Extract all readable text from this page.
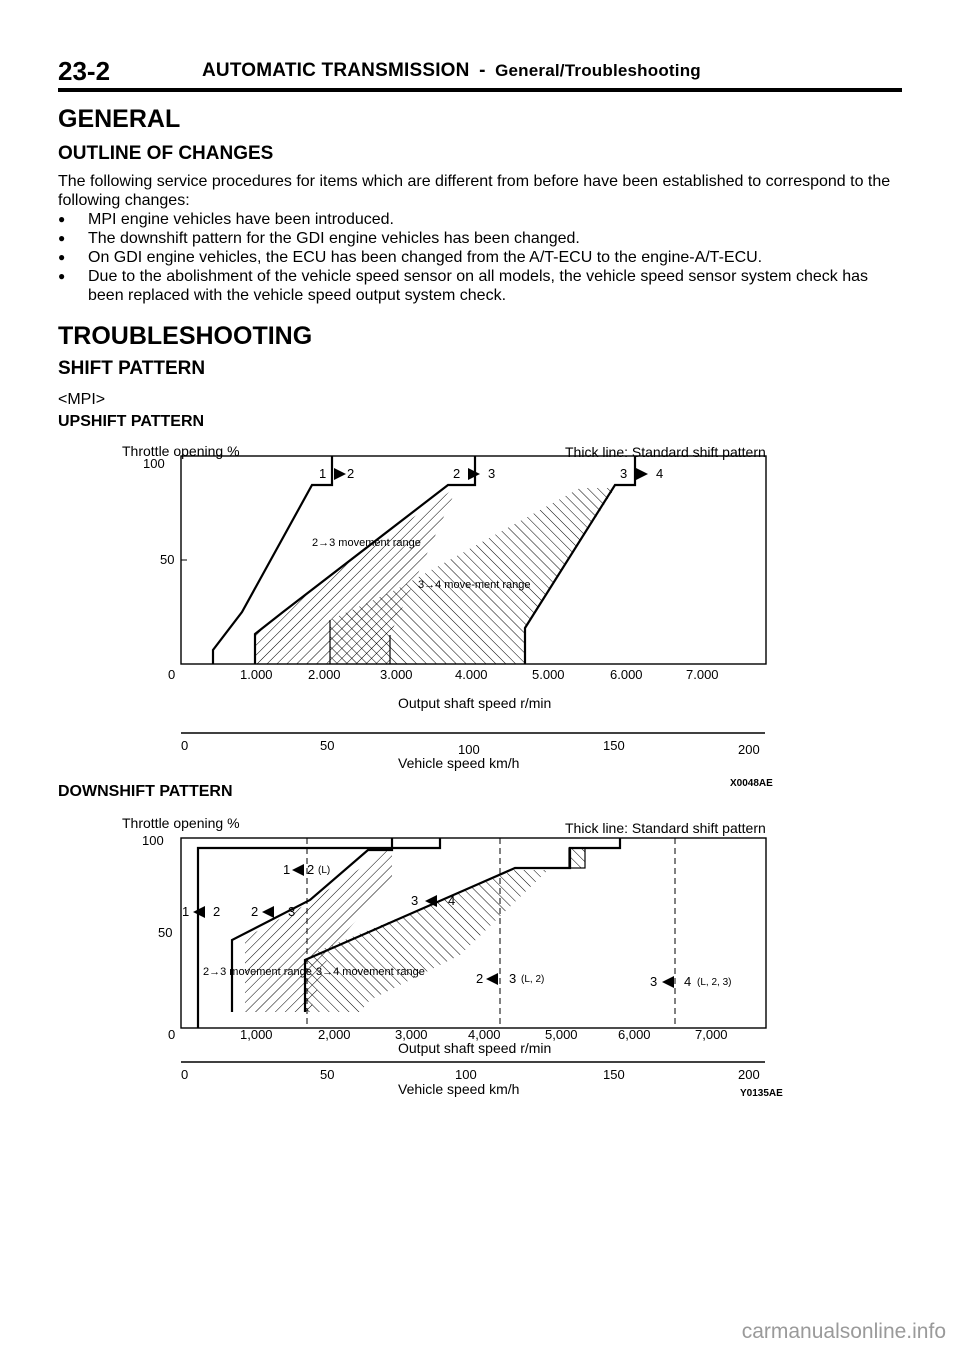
23-2	AUTOMATIC TRANSMISSION - General/Troubleshooting
GENERAL
OUTLINE OF CHANGES
The following service procedures for items which are different from before have been established to correspond to the following changes:
● MPI engine vehicles have been introduced.
● The downshift pattern for the GDI engine vehicles has been changed.
● On GDI engine vehicles, the ECU has been changed from the A/T-ECU to the engine-A/T-ECU.
● Due to the abolishment of the vehicle speed sensor on all models, the vehicle speed sensor system check has been replaced with the vehicle speed output system check.
TROUBLESHOOTING
SHIFT PATTERN
<MPI>
UPSHIFT PATTERN
DOWNSHIFT PATTERN
Throttle opening %	Thick line: Standard shift pattern
100
50
0	1.000	2.000	3.000	4.000	5.000	6.000	7.000
Output shaft speed r/min
1 2	2 3	3 4
2→3 movement range
3→4 move-ment range
0	50	100	150	200
Vehicle speed km/h
X0048AE
Throttle opening %	Thick line: Standard shift pattern
100
50
0	1,000	2,000	3,000	4,000	5,000	6,000	7,000
Output shaft speed r/min
1 2 (L)
1 2 2 3
3 4
2 3 (L, 2)	3 4 (L, 2, 3)
2→3 movement range 3→4 movement range
0	50	100	150	200
Vehicle speed km/h	Y0135AE
carmanualsonline.info
